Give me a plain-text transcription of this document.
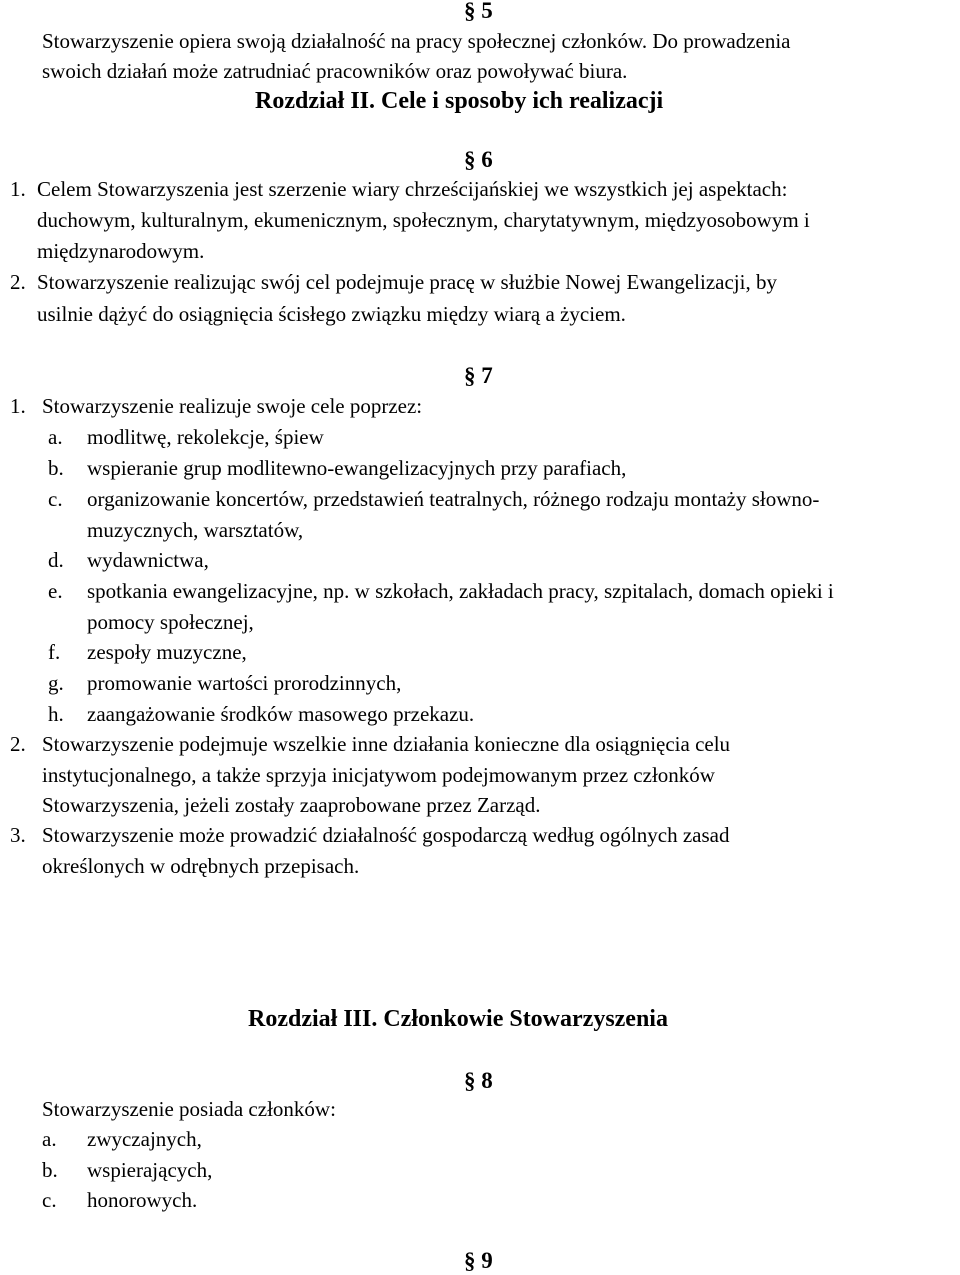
§ 5
Stowarzyszenie opiera swoją działalność na pracy społecznej członków. Do prowadzenia
swoich działań może zatrudniać pracowników oraz powoływać biura.
Rozdział II. Cele i sposoby ich realizacji
§ 6
1. Celem Stowarzyszenia jest szerzenie wiary chrześcijańskiej we wszystkich jej aspektach:
duchowym, kulturalnym, ekumenicznym, społecznym, charytatywnym, międzyosobowym i
międzynarodowym.
2. Stowarzyszenie realizując swój cel podejmuje pracę w służbie Nowej Ewangelizacji, by
usilnie dążyć do osiągnięcia ścisłego związku między wiarą a życiem.
§ 7
1. Stowarzyszenie realizuje swoje cele poprzez:
a. modlitwę, rekolekcje, śpiew
b. wspieranie grup modlitewno-ewangelizacyjnych przy parafiach,
c. organizowanie koncertów, przedstawień teatralnych, różnego rodzaju montaży słowno-
muzycznych, warsztatów,
d. wydawnictwa,
e. spotkania ewangelizacyjne, np. w szkołach, zakładach pracy, szpitalach, domach opieki i
pomocy społecznej,
f. zespoły muzyczne,
g. promowanie wartości prorodzinnych,
h. zaangażowanie środków masowego przekazu.
2. Stowarzyszenie podejmuje wszelkie inne działania konieczne dla osiągnięcia celu
instytucjonalnego, a także sprzyja inicjatywom podejmowanym przez członków
Stowarzyszenia, jeżeli zostały zaaprobowane przez Zarząd.
3. Stowarzyszenie może prowadzić działalność gospodarczą według ogólnych zasad
określonych w odrębnych przepisach.
Rozdział III. Członkowie Stowarzyszenia
§ 8
Stowarzyszenie posiada członków:
a. zwyczajnych,
b. wspierających,
c. honorowych.
§ 9
